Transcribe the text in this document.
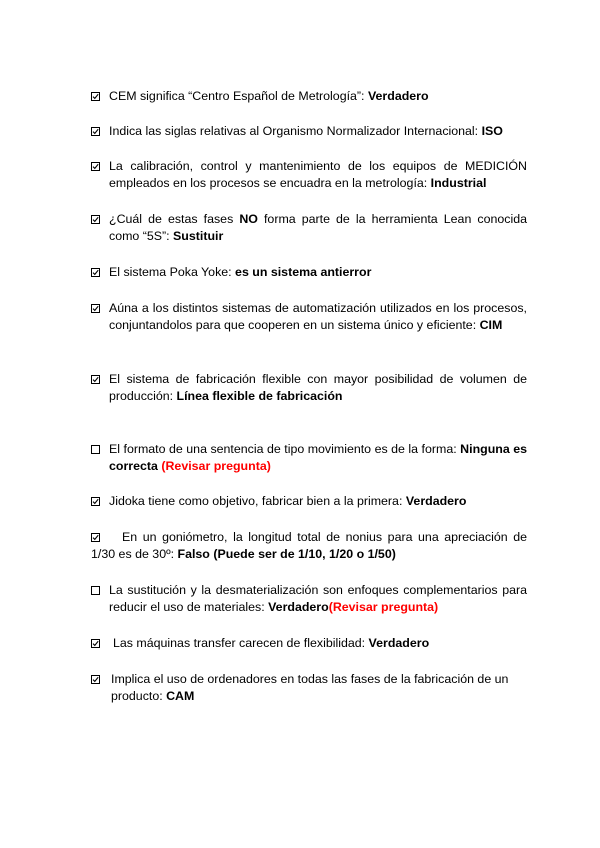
CEM significa “Centro Español de Metrología”: Verdadero
Indica las siglas relativas al Organismo Normalizador Internacional: ISO
La calibración, control y mantenimiento de los equipos de MEDICIÓN empleados en los procesos se encuadra en la metrología: Industrial
¿Cuál de estas fases NO forma parte de la herramienta Lean conocida como “5S”: Sustituir
El sistema Poka Yoke: es un sistema antierror
Aúna a los distintos sistemas de automatización utilizados en los procesos, conjuntandolos para que cooperen en un sistema único y eficiente: CIM
El sistema de fabricación flexible con mayor posibilidad de volumen de producción: Línea flexible de fabricación
El formato de una sentencia de tipo movimiento es de la forma: Ninguna es correcta (Revisar pregunta)
Jidoka tiene como objetivo, fabricar bien a la primera: Verdadero
En un goniómetro, la longitud total de nonius para una apreciación de 1/30 es de 30º: Falso (Puede ser de 1/10, 1/20 o 1/50)
La sustitución y la desmaterialización son enfoques complementarios para reducir el uso de materiales: Verdadero(Revisar pregunta)
Las máquinas transfer carecen de flexibilidad: Verdadero
Implica el uso de ordenadores en todas las fases de la fabricación de un producto: CAM
